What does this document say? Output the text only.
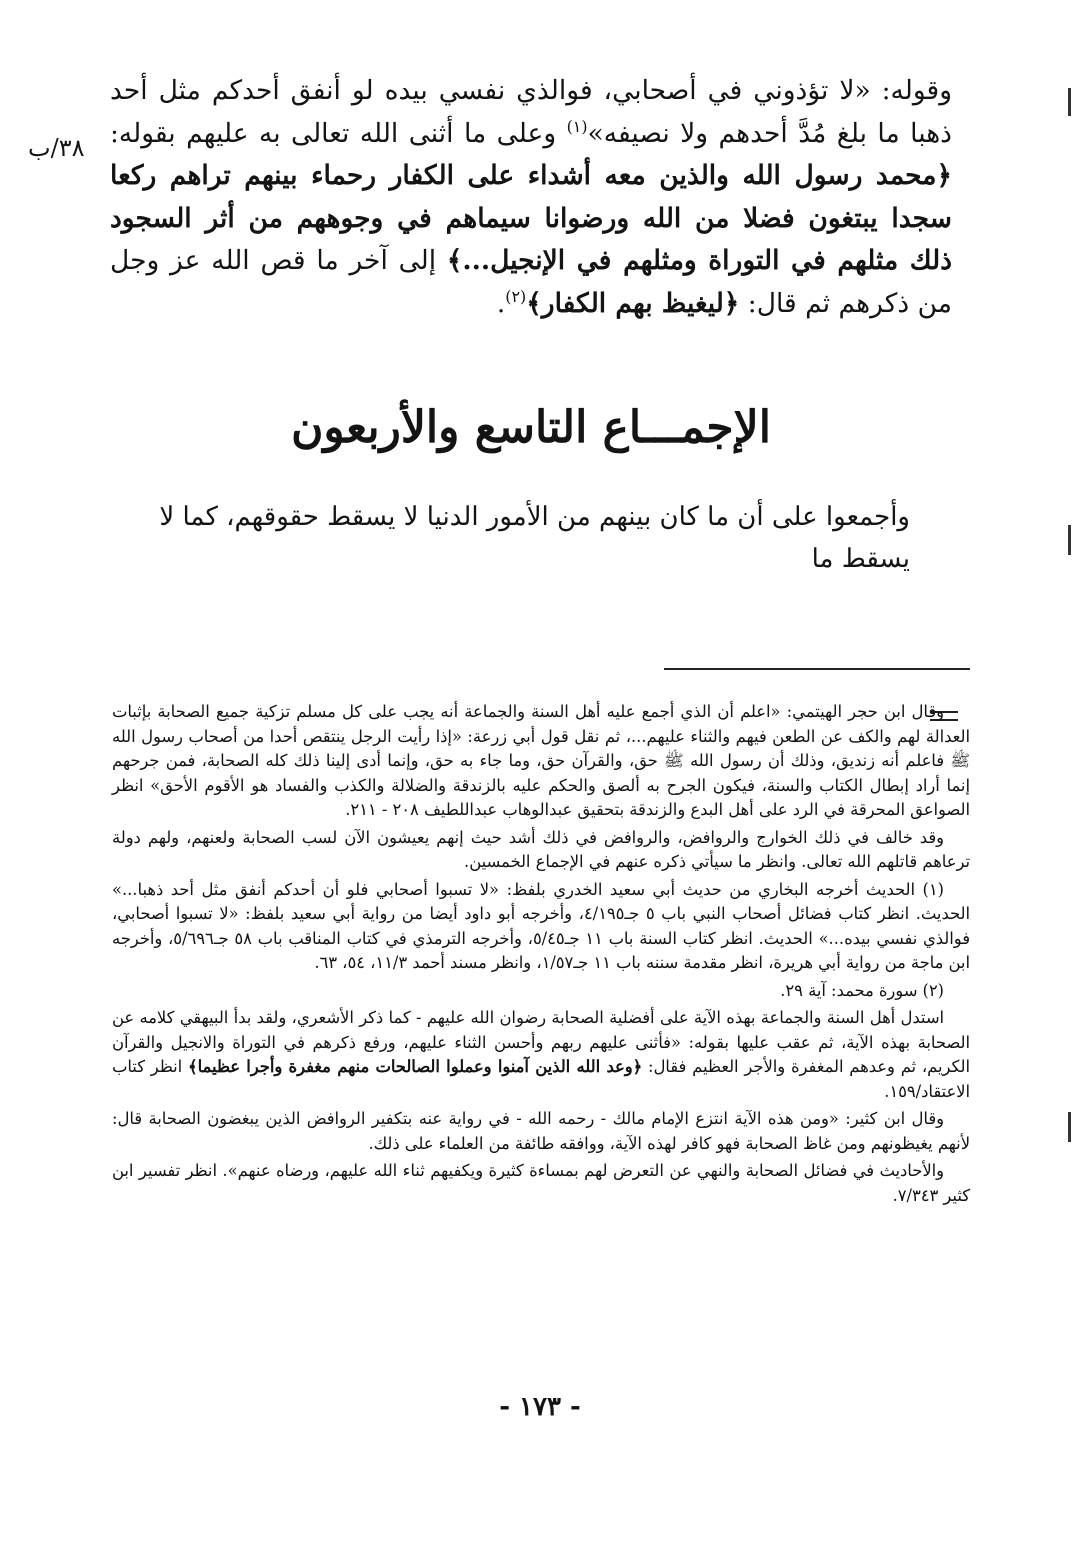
وقوله: «لا تؤذوني في أصحابي، فوالذي نفسي بيده لو أنفق أحدكم مثل أحد ذهبا ما بلغ مُدَّ أحدهم ولا نصيفه»$^{(١)}$ وعلى ما أثنى الله تعالى به عليهم بقوله: ﴿محمد رسول الله والذين معه أشداء على الكفار رحماء بينهم تراهم ركعا سجدا يبتغون فضلا من الله ورضوانا سيماهم في وجوههم من أثر السجود ذلك مثلهم في التوراة ومثلهم في الإنجيل...﴾ إلى آخر ما قص الله عز وجل من ذكرهم ثم قال: ﴿ليغيظ بهم الكفار﴾$^{(٢)}$.

٣٨/ب
الإجمـــاع التاسع والأربعون

وأجمعوا على أن ما كان بينهم من الأمور الدنيا لا يسقط حقوقهم، كما لا يسقط ما

وقال ابن حجر الهيتمي: «اعلم أن الذي أجمع عليه أهل السنة والجماعة أنه يجب على كل مسلم تزكية جميع الصحابة بإثبات العدالة لهم والكف عن الطعن فيهم والثناء عليهم...، ثم نقل قول أبي زرعة: «إذا رأيت الرجل ينتقص أحدا من أصحاب رسول الله ﷺ فاعلم أنه زنديق، وذلك أن رسول الله ﷺ حق، والقرآن حق، وما جاء به حق، وإنما أدى إلينا ذلك كله الصحابة، فمن جرحهم إنما أراد إبطال الكتاب والسنة، فيكون الجرح به ألصق والحكم عليه بالزندقة والضلالة والكذب والفساد هو الأقوم الأحق» انظر الصواعق المحرقة في الرد على أهل البدع والزندقة بتحقيق عبدالوهاب عبداللطيف ٢٠٨ - ٢١١.

وقد خالف في ذلك الخوارج والروافض، والروافض في ذلك أشد حيث إنهم يعيشون الآن لسب الصحابة ولعنهم، ولهم دولة ترعاهم قاتلهم الله تعالى. وانظر ما سيأتي ذكره عنهم في الإجماع الخمسين.

(١) الحديث أخرجه البخاري من حديث أبي سعيد الخدري بلفظ: «لا تسبوا أصحابي فلو أن أحدكم أنفق مثل أحد ذهبا...» الحديث. انظر كتاب فضائل أصحاب النبي باب ٥ جـ٤/١٩٥، وأخرجه أبو داود أيضا من رواية أبي سعيد بلفظ: «لا تسبوا أصحابي، فوالذي نفسي بيده...» الحديث. انظر كتاب السنة باب ١١ جـ٥/٤٥، وأخرجه الترمذي في كتاب المناقب باب ٥٨ جـ٥/٦٩٦، وأخرجه ابن ماجة من رواية أبي هريرة، انظر مقدمة سننه باب ١١ جـ١/٥٧، وانظر مسند أحمد ١١/٣، ٥٤، ٦٣.

(٢) سورة محمد: آية ٢٩.

استدل أهل السنة والجماعة بهذه الآية على أفضلية الصحابة رضوان الله عليهم - كما ذكر الأشعري، ولقد بدأ البيهقي كلامه عن الصحابة بهذه الآية، ثم عقب عليها بقوله: «فأثنى عليهم ربهم وأحسن الثناء عليهم، ورفع ذكرهم في التوراة والانجيل والقرآن الكريم، ثم وعدهم المغفرة والأجر العظيم فقال: ﴿وعد الله الذين آمنوا وعملوا الصالحات منهم مغفرة وأجرا عظيما﴾ انظر كتاب الاعتقاد/١٥٩.

وقال ابن كثير: «ومن هذه الآية انتزع الإمام مالك - رحمه الله - في رواية عنه بتكفير الروافض الذين يبغضون الصحابة قال: لأنهم يغيظونهم ومن غاظ الصحابة فهو كافر لهذه الآية، ووافقه طائفة من العلماء على ذلك.

والأحاديث في فضائل الصحابة والنهي عن التعرض لهم بمساءة كثيرة ويكفيهم ثناء الله عليهم، ورضاه عنهم». انظر تفسير ابن كثير ٧/٣٤٣.

- ١٧٣ -
